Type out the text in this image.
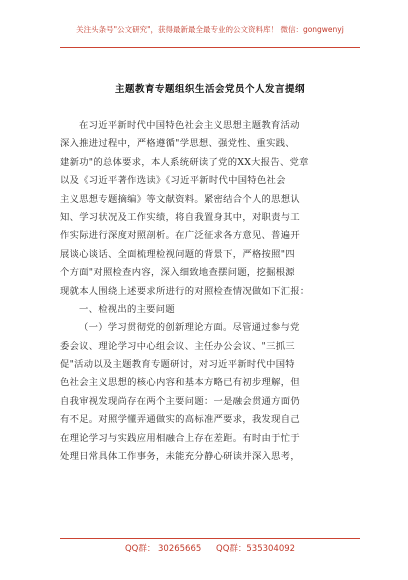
关注头条号"公文研究"，获得最新最全最专业的公文资料库！ 微信：gongwenyj
主题教育专题组织生活会党员个人发言提纲
在习近平新时代中国特色社会主义思想主题教育活动
深入推进过程中，严格遵循"学思想、强党性、重实践、
建新功"的总体要求，本人系统研读了党的XX大报告、党章
以及《习近平著作选读》《习近平新时代中国特色社会
主义思想专题摘编》等文献资料。紧密结合个人的思想认
知、学习状况及工作实绩，将自我置身其中，对职责与工
作实际进行深度对照剖析。在广泛征求各方意见、普遍开
展谈心谈话、全面梳理检视问题的背景下，严格按照"四
个方面"对照检查内容，深入细致地查摆问题，挖掘根源
现就本人围绕上述要求所进行的对照检查情况做如下汇报：
一、检视出的主要问题
（一）学习贯彻党的创新理论方面。尽管通过参与党
委会议、理论学习中心组会议、主任办公会议、"三抓三
促"活动以及主题教育专题研讨，对习近平新时代中国特
色社会主义思想的核心内容和基本方略已有初步理解，但
自我审视发现尚存在两个主要问题：一是融会贯通方面仍
有不足。对照学懂弄通做实的高标准严要求，我发现自己
在理论学习与实践应用相融合上存在差距。有时由于忙于
处理日常具体工作事务，未能充分静心研读并深入思考，
QQ群： 30265665 QQ群：535304092
